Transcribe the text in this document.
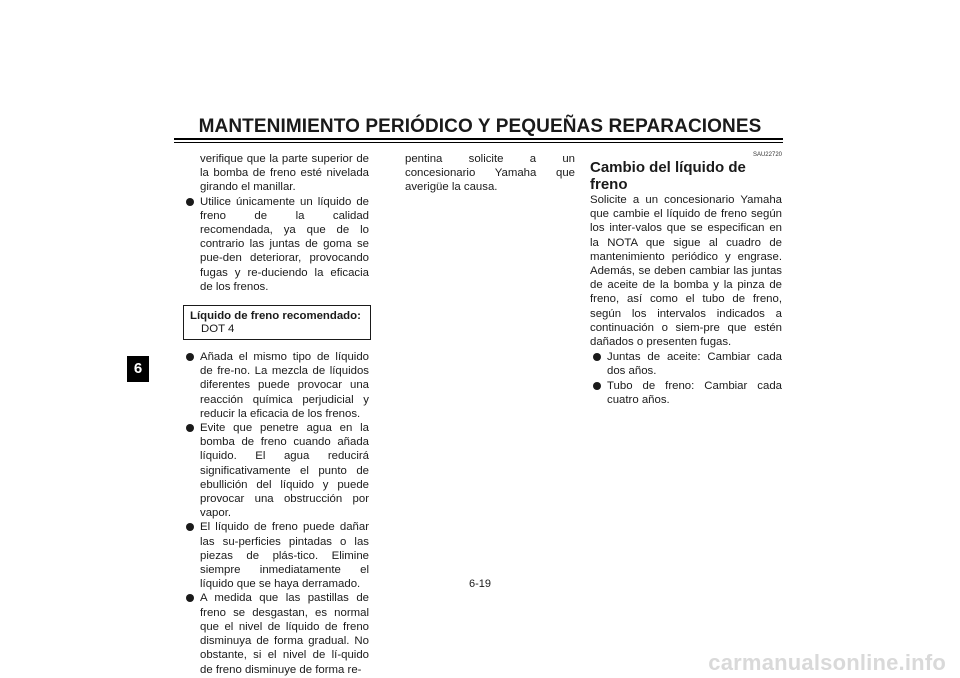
MANTENIMIENTO PERIÓDICO Y PEQUEÑAS REPARACIONES
6
verifique que la parte superior de la bomba de freno esté nivelada girando el manillar.
Utilice únicamente un líquido de freno de la calidad recomendada, ya que de lo contrario las juntas de goma se pue-den deteriorar, provocando fugas y re-duciendo la eficacia de los frenos.
Líquido de freno recomendado:
DOT 4
Añada el mismo tipo de líquido de fre-no. La mezcla de líquidos diferentes puede provocar una reacción química perjudicial y reducir la eficacia de los frenos.
Evite que penetre agua en la bomba de freno cuando añada líquido. El agua reducirá significativamente el punto de ebullición del líquido y puede provocar una obstrucción por vapor.
El líquido de freno puede dañar las su-perficies pintadas o las piezas de plás-tico. Elimine siempre inmediatamente el líquido que se haya derramado.
A medida que las pastillas de freno se desgastan, es normal que el nivel de líquido de freno disminuya de forma gradual. No obstante, si el nivel de lí-quido de freno disminuye de forma re-
pentina solicite a un concesionario Yamaha que averigüe la causa.
SAU22720
Cambio del líquido de freno
Solicite a un concesionario Yamaha que cambie el líquido de freno según los inter-valos que se especifican en la NOTA que sigue al cuadro de mantenimiento periódico y engrase. Además, se deben cambiar las juntas de aceite de la bomba y la pinza de freno, así como el tubo de freno, según los intervalos indicados a continuación o siem-pre que estén dañados o presenten fugas.
Juntas de aceite: Cambiar cada dos años.
Tubo de freno: Cambiar cada cuatro años.
6-19
carmanualsonline.info
